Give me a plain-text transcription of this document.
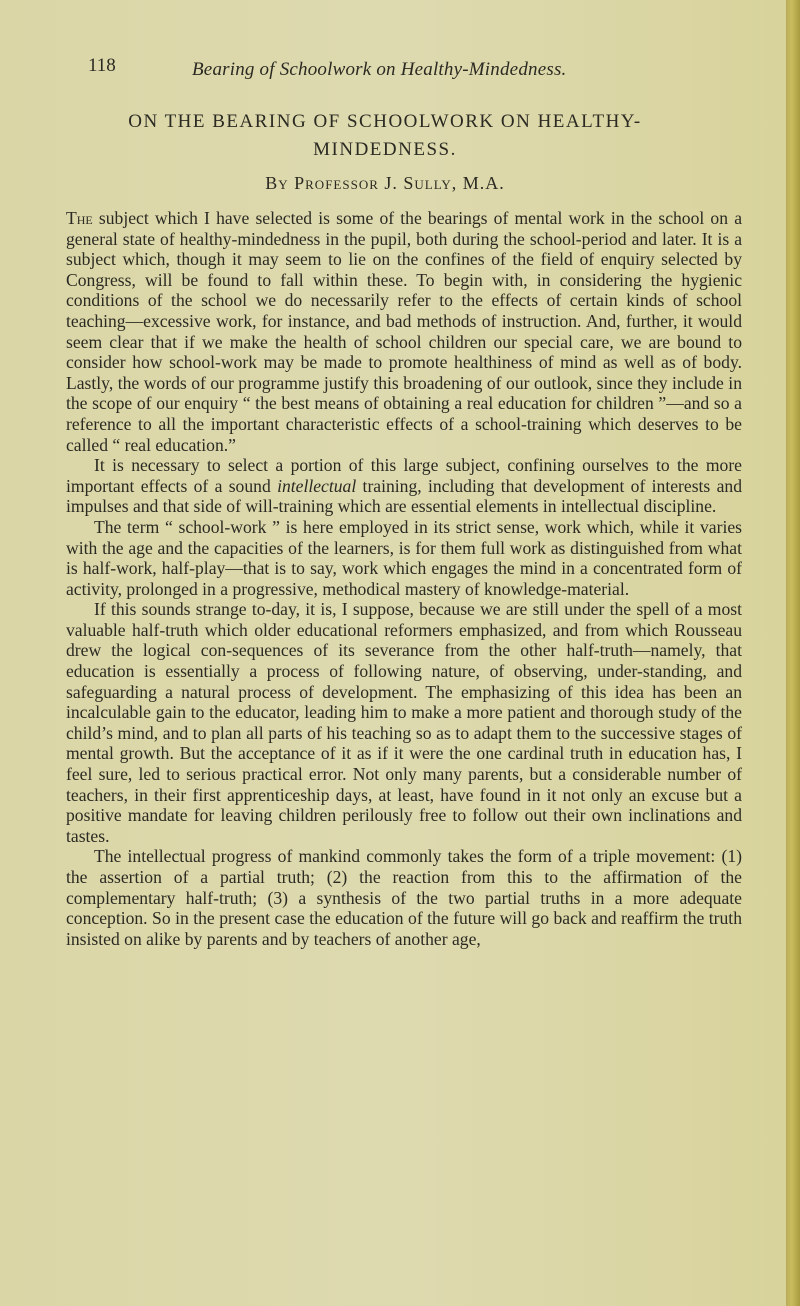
118	Bearing of Schoolwork on Healthy-Mindedness.
ON THE BEARING OF SCHOOLWORK ON HEALTHY-MINDEDNESS.
By Professor J. Sully, M.A.

The subject which I have selected is some of the bearings of mental work in the school on a general state of healthy-mindedness in the pupil, both during the school-period and later. It is a subject which, though it may seem to lie on the confines of the field of enquiry selected by Congress, will be found to fall within these. To begin with, in considering the hygienic conditions of the school we do necessarily refer to the effects of certain kinds of school teaching—excessive work, for instance, and bad methods of instruction. And, further, it would seem clear that if we make the health of school children our special care, we are bound to consider how school-work may be made to promote healthiness of mind as well as of body. Lastly, the words of our programme justify this broadening of our outlook, since they include in the scope of our enquiry “ the best means of obtaining a real education for children ”—and so a reference to all the important characteristic effects of a school-training which deserves to be called “ real education.”

It is necessary to select a portion of this large subject, confining ourselves to the more important effects of a sound intellectual training, including that development of interests and impulses and that side of will-training which are essential elements in intellectual discipline.

The term “ school-work ” is here employed in its strict sense, work which, while it varies with the age and the capacities of the learners, is for them full work as distinguished from what is half-work, half-play—that is to say, work which engages the mind in a concentrated form of activity, prolonged in a progressive, methodical mastery of knowledge-material.

If this sounds strange to-day, it is, I suppose, because we are still under the spell of a most valuable half-truth which older educational reformers emphasized, and from which Rousseau drew the logical con-sequences of its severance from the other half-truth—namely, that education is essentially a process of following nature, of observing, under-standing, and safeguarding a natural process of development. The emphasizing of this idea has been an incalculable gain to the educator, leading him to make a more patient and thorough study of the child’s mind, and to plan all parts of his teaching so as to adapt them to the successive stages of mental growth. But the acceptance of it as if it were the one cardinal truth in education has, I feel sure, led to serious practical error. Not only many parents, but a considerable number of teachers, in their first apprenticeship days, at least, have found in it not only an excuse but a positive mandate for leaving children perilously free to follow out their own inclinations and tastes.

The intellectual progress of mankind commonly takes the form of a triple movement: (1) the assertion of a partial truth; (2) the reaction from this to the affirmation of the complementary half-truth; (3) a synthesis of the two partial truths in a more adequate conception. So in the present case the education of the future will go back and reaffirm the truth insisted on alike by parents and by teachers of another age,
